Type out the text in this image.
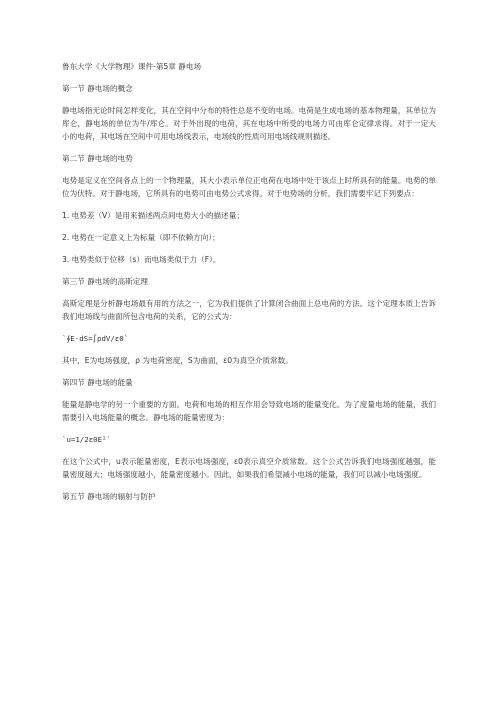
鲁东大学《大学物理》课件-第5章 静电场

第一节 静电场的概念

静电场指无论时间怎样变化，其在空间中分布的特性总是不变的电场。电荷是生成电场的基本物理量，其单位为库仑，静电场的单位为牛/库仑。对于外出现的电荷，其在电场中所受的电场力可由库仑定律求得。对于一定大小的电荷，其电场在空间中可用电场线表示，电场线的性质可用电场线规则描述。

第二节 静电场的电势

电势是定义在空间各点上的一个物理量，其大小表示单位正电荷在电场中处于该点上时所具有的能量。电势的单位为伏特。对于静电场，它所具有的电势可由电势公式求得。对于电势场的分析，我们需要牢记下列要点：

1. 电势差（V）是用来描述两点间电势大小的描述量；

2. 电势在一定意义上为标量（即不依赖方向）；

3. 电势类似于位移（s）而电场类似于力（F）。

第三节 静电场的高斯定理

高斯定理是分析静电场最有用的方法之一，它为我们提供了计算闭合曲面上总电荷的方法。这个定理本质上告诉我们电场线与曲面所包含电荷的关系，它的公式为：

`∮E·dS=∫ρdV/ε0`

其中，E为电场强度，ρ 为电荷密度，S为曲面，ε0为真空介质常数。

第四节 静电场的能量

能量是静电学的另一个重要的方面。电荷和电场的相互作用会导致电场的能量变化。为了度量电场的能量，我们需要引入电场能量的概念。静电场的能量密度为：

`u=1/2ε0E²`

在这个公式中，u表示能量密度，E表示电场强度，ε0表示真空介质常数。这个公式告诉我们电场强度越强，能量密度越大；电场强度越小，能量密度越小。因此，如果我们希望减小电场的能量，我们可以减小电场强度。

第五节 静电场的辐射与防护
